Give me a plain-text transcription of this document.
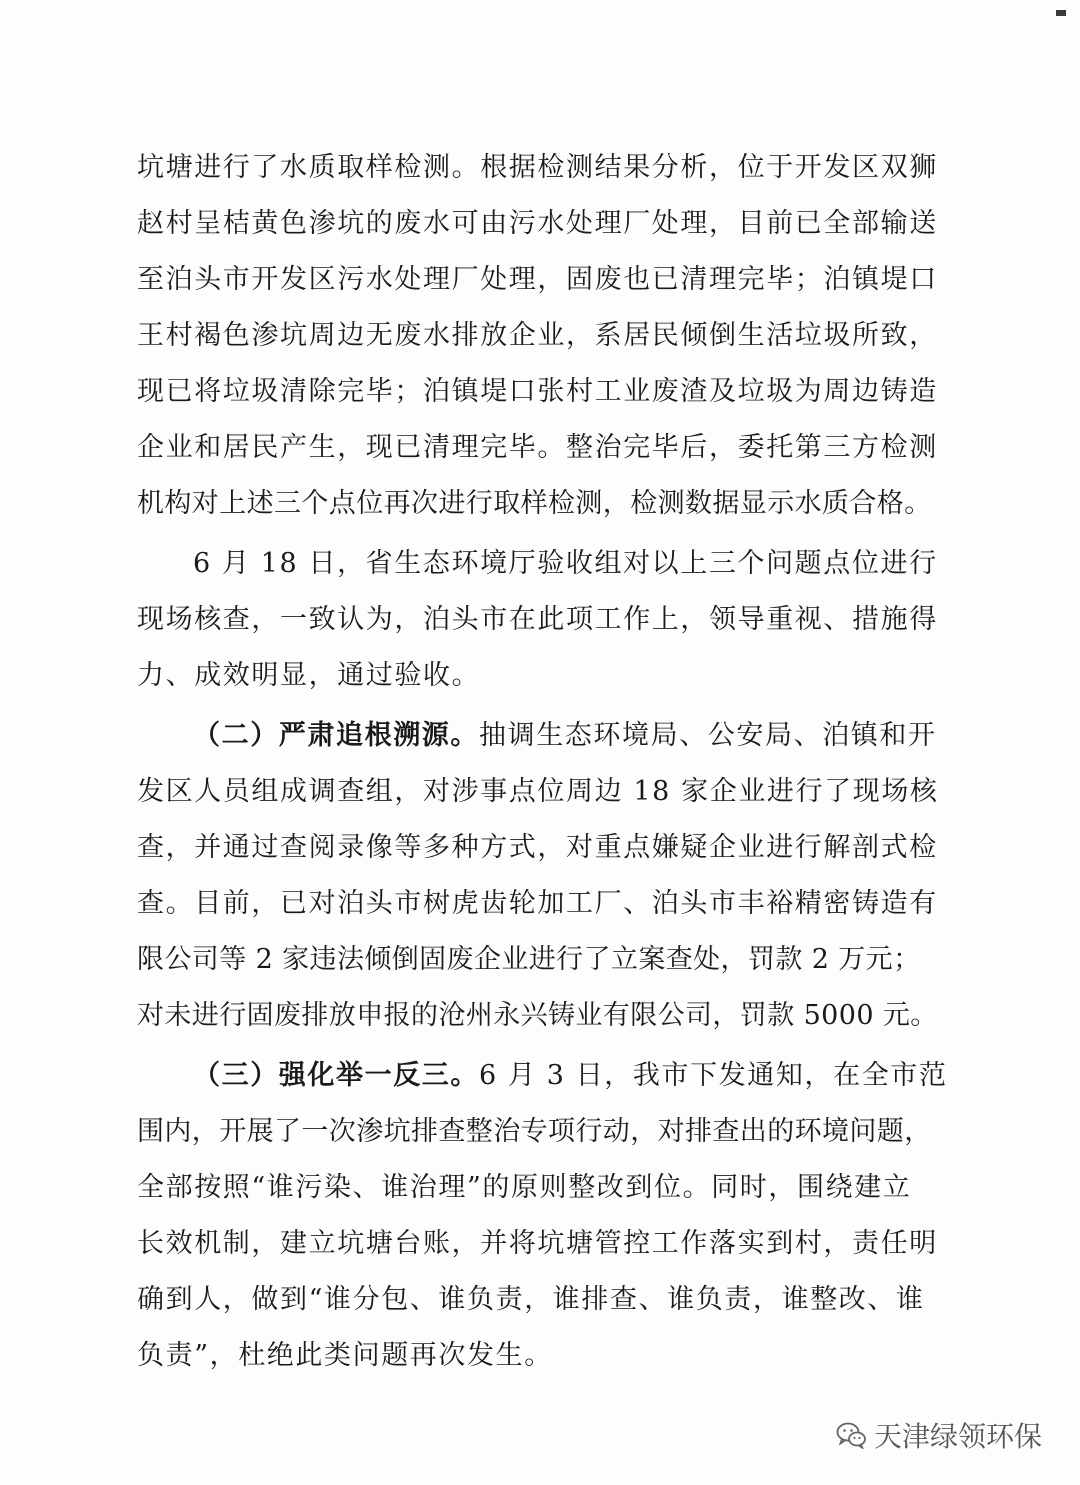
坑塘进行了水质取样检测。根据检测结果分析，位于开发区双狮
赵村呈桔黄色渗坑的废水可由污水处理厂处理，目前已全部输送
至泊头市开发区污水处理厂处理，固废也已清理完毕；泊镇堤口
王村褐色渗坑周边无废水排放企业，系居民倾倒生活垃圾所致，
现已将垃圾清除完毕；泊镇堤口张村工业废渣及垃圾为周边铸造
企业和居民产生，现已清理完毕。整治完毕后，委托第三方检测
机构对上述三个点位再次进行取样检测，检测数据显示水质合格。
6 月 18 日，省生态环境厅验收组对以上三个问题点位进行
现场核查，一致认为，泊头市在此项工作上，领导重视、措施得
力、成效明显，通过验收。
（二）严肃追根溯源。抽调生态环境局、公安局、泊镇和开
发区人员组成调查组，对涉事点位周边 18 家企业进行了现场核
查，并通过查阅录像等多种方式，对重点嫌疑企业进行解剖式检
查。目前，已对泊头市树虎齿轮加工厂、泊头市丰裕精密铸造有
限公司等 2 家违法倾倒固废企业进行了立案查处，罚款 2 万元；
对未进行固废排放申报的沧州永兴铸业有限公司，罚款 5000 元。
（三）强化举一反三。6 月 3 日，我市下发通知，在全市范
围内，开展了一次渗坑排查整治专项行动，对排查出的环境问题，
全部按照“谁污染、谁治理”的原则整改到位。同时，围绕建立
长效机制，建立坑塘台账，并将坑塘管控工作落实到村，责任明
确到人，做到“谁分包、谁负责，谁排查、谁负责，谁整改、谁
负责”，杜绝此类问题再次发生。
天津绿领环保
